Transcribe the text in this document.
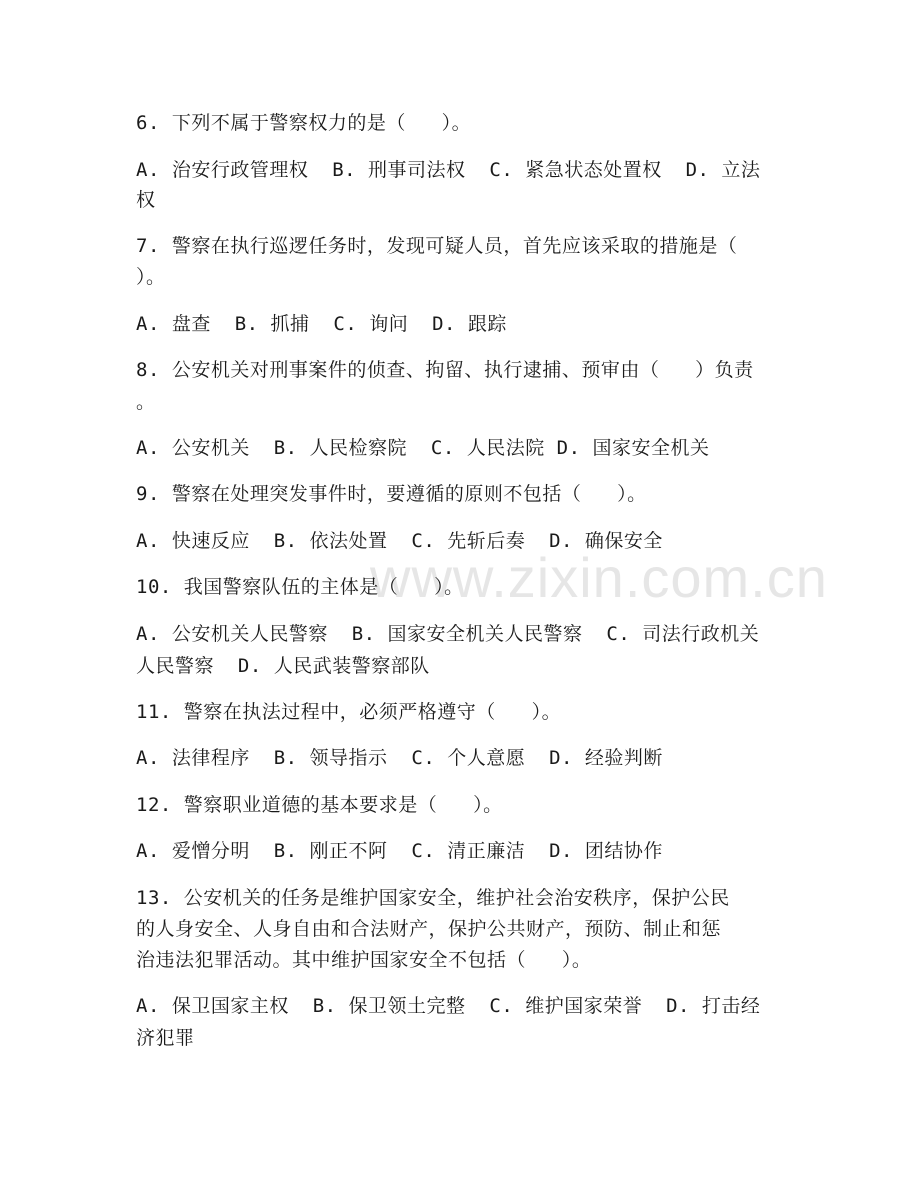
www.zixin.com.cn
6. 下列不属于警察权力的是（   ）。
A. 治安行政管理权  B. 刑事司法权  C. 紧急状态处置权  D. 立法
权
7. 警察在执行巡逻任务时，发现可疑人员，首先应该采取的措施是（
）。
A. 盘查  B. 抓捕  C. 询问  D. 跟踪
8. 公安机关对刑事案件的侦查、拘留、执行逮捕、预审由（   ）负责
。
A. 公安机关  B. 人民检察院  C. 人民法院 D. 国家安全机关
9. 警察在处理突发事件时，要遵循的原则不包括（   ）。
A. 快速反应  B. 依法处置  C. 先斩后奏  D. 确保安全
10. 我国警察队伍的主体是（   ）。
A. 公安机关人民警察  B. 国家安全机关人民警察  C. 司法行政机关
人民警察  D. 人民武装警察部队
11. 警察在执法过程中，必须严格遵守（   ）。
A. 法律程序  B. 领导指示  C. 个人意愿  D. 经验判断
12. 警察职业道德的基本要求是（   ）。
A. 爱憎分明  B. 刚正不阿  C. 清正廉洁  D. 团结协作
13. 公安机关的任务是维护国家安全，维护社会治安秩序，保护公民
的人身安全、人身自由和合法财产，保护公共财产，预防、制止和惩
治违法犯罪活动。其中维护国家安全不包括（   ）。
A. 保卫国家主权  B. 保卫领土完整  C. 维护国家荣誉  D. 打击经
济犯罪
